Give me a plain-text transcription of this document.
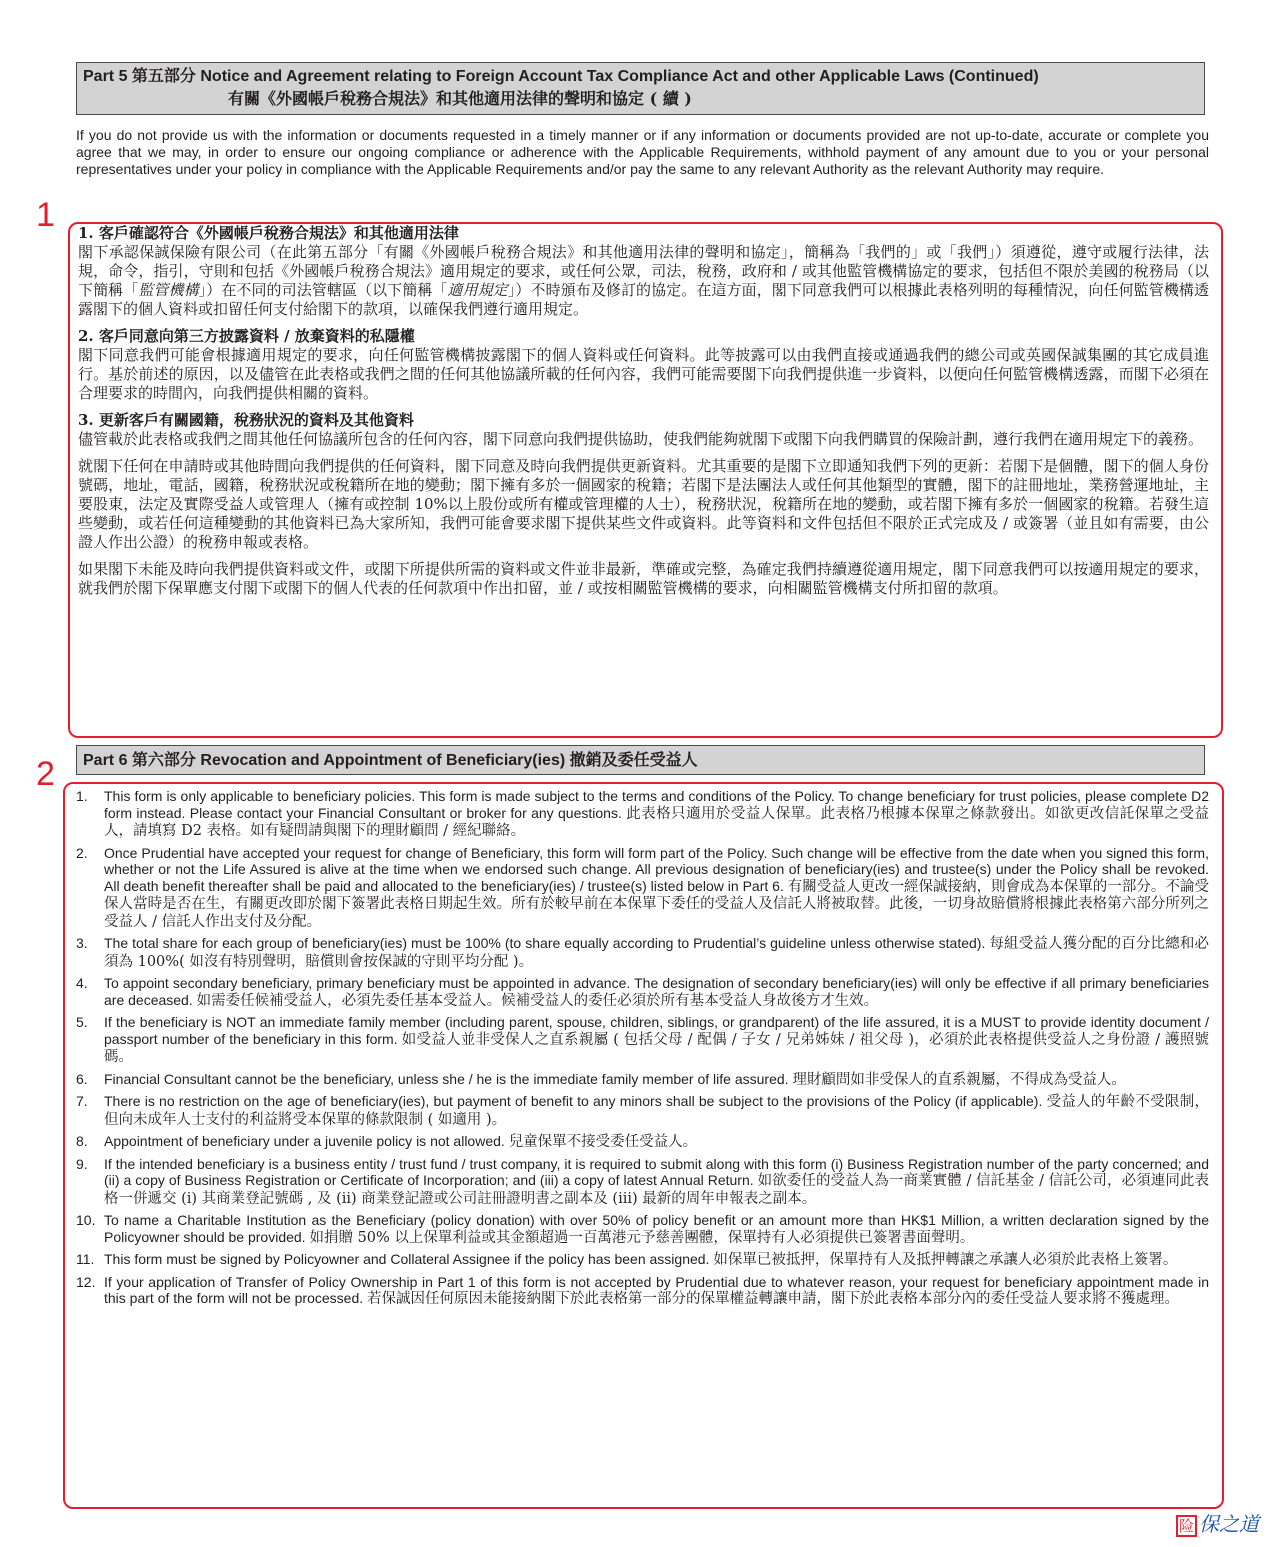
Part 5 第五部分 Notice and Agreement relating to Foreign Account Tax Compliance Act and other Applicable Laws (Continued)
有關《外國帳戶稅務合規法》和其他適用法律的聲明和協定 ( 續 )
If you do not provide us with the information or documents requested in a timely manner or if any information or documents provided are not up-to-date, accurate or complete you agree that we may, in order to ensure our ongoing compliance or adherence with the Applicable Requirements, withhold payment of any amount due to you or your personal representatives under your policy in compliance with the Applicable Requirements and/or pay the same to any relevant Authority as the relevant Authority may require.
1 1. 客戶確認符合《外國帳戶稅務合規法》和其他適用法律
閣下承認保誠保險有限公司（在此第五部分「有關《外國帳戶稅務合規法》和其他適用法律的聲明和協定」，簡稱為「我們的」或「我們」）須遵從，遵守或履行法律，法規，命令，指引，守則和包括《外國帳戶稅務合規法》適用規定的要求，或任何公眾，司法，稅務，政府和 / 或其他監管機構協定的要求，包括但不限於美國的稅務局（以下簡稱「監管機構」）在不同的司法管轄區（以下簡稱「適用規定」）不時頒布及修訂的協定。在這方面，閣下同意我們可以根據此表格列明的每種情況，向任何監管機構透露閣下的個人資料或扣留任何支付給閣下的款項，以確保我們遵行適用規定。
2. 客戶同意向第三方披露資料 / 放棄資料的私隱權
閣下同意我們可能會根據適用規定的要求，向任何監管機構披露閣下的個人資料或任何資料。此等披露可以由我們直接或通過我們的總公司或英國保誠集團的其它成員進行。基於前述的原因，以及儘管在此表格或我們之間的任何其他協議所載的任何內容，我們可能需要閣下向我們提供進一步資料，以便向任何監管機構透露，而閣下必須在合理要求的時間內，向我們提供相關的資料。
3. 更新客戶有關國籍，稅務狀況的資料及其他資料
儘管載於此表格或我們之間其他任何協議所包含的任何內容，閣下同意向我們提供協助，使我們能夠就閣下或閣下向我們購買的保險計劃，遵行我們在適用規定下的義務。

就閣下任何在申請時或其他時間向我們提供的任何資料，閣下同意及時向我們提供更新資料。尤其重要的是閣下立即通知我們下列的更新：若閣下是個體，閣下的個人身份號碼，地址，電話，國籍，稅務狀況或稅籍所在地的變動；閣下擁有多於一個國家的稅籍；若閣下是法團法人或任何其他類型的實體，閣下的註冊地址，業務營運地址，主要股東，法定及實際受益人或管理人（擁有或控制 10%以上股份或所有權或管理權的人士），稅務狀況，稅籍所在地的變動，或若閣下擁有多於一個國家的稅籍。若發生這些變動，或若任何這種變動的其他資料已為大家所知，我們可能會要求閣下提供某些文件或資料。此等資料和文件包括但不限於正式完成及 / 或簽署（並且如有需要，由公證人作出公證）的稅務申報或表格。

如果閣下未能及時向我們提供資料或文件，或閣下所提供所需的資料或文件並非最新，準確或完整，為確定我們持續遵從適用規定，閣下同意我們可以按適用規定的要求，就我們於閣下保單應支付閣下或閣下的個人代表的任何款項中作出扣留，並 / 或按相關監管機構的要求，向相關監管機構支付所扣留的款項。

Part 6 第六部分 Revocation and Appointment of Beneficiary(ies) 撤銷及委任受益人
2
1.	This form is only applicable to beneficiary policies. This form is made subject to the terms and conditions of the Policy. To change beneficiary for trust policies, please complete D2 form instead. Please contact your Financial Consultant or broker for any questions. 此表格只適用於受益人保單。此表格乃根據本保單之條款發出。如欲更改信託保單之受益人，請填寫 D2 表格。如有疑問請與閣下的理財顧問 / 經紀聯絡。
2.	Once Prudential have accepted your request for change of Beneficiary, this form will form part of the Policy. Such change will be effective from the date when you signed this form, whether or not the Life Assured is alive at the time when we endorsed such change. All previous designation of beneficiary(ies) and trustee(s) under the Policy shall be revoked. All death benefit thereafter shall be paid and allocated to the beneficiary(ies) / trustee(s) listed below in Part 6. 有關受益人更改一經保誠接納，則會成為本保單的一部分。不論受保人當時是否在生，有關更改即於閣下簽署此表格日期起生效。所有於較早前在本保單下委任的受益人及信託人將被取替。此後，一切身故賠償將根據此表格第六部分所列之受益人 / 信託人作出支付及分配。
3.	The total share for each group of beneficiary(ies) must be 100% (to share equally according to Prudential’s guideline unless otherwise stated). 每組受益人獲分配的百分比總和必須為 100%( 如沒有特別聲明，賠償則會按保誠的守則平均分配 )。
4.	To appoint secondary beneficiary, primary beneficiary must be appointed in advance. The designation of secondary beneficiary(ies) will only be effective if all primary beneficiaries are deceased. 如需委任候補受益人，必須先委任基本受益人。候補受益人的委任必須於所有基本受益人身故後方才生效。
5.	If the beneficiary is NOT an immediate family member (including parent, spouse, children, siblings, or grandparent) of the life assured, it is a MUST to provide identity document / passport number of the beneficiary in this form. 如受益人並非受保人之直系親屬 ( 包括父母 / 配偶 / 子女 / 兄弟姊妹 / 祖父母 )，必須於此表格提供受益人之身份證 / 護照號碼。
6.	Financial Consultant cannot be the beneficiary, unless she / he is the immediate family member of life assured. 理財顧問如非受保人的直系親屬，不得成為受益人。
7.	There is no restriction on the age of beneficiary(ies), but payment of benefit to any minors shall be subject to the provisions of the Policy (if applicable). 受益人的年齡不受限制，但向未成年人士支付的利益將受本保單的條款限制 ( 如適用 )。
8.	Appointment of beneficiary under a juvenile policy is not allowed. 兒童保單不接受委任受益人。
9.	If the intended beneficiary is a business entity / trust fund / trust company, it is required to submit along with this form (i) Business Registration number of the party concerned; and (ii) a copy of Business Registration or Certificate of Incorporation; and (iii) a copy of latest Annual Return. 如欲委任的受益人為一商業實體 / 信託基金 / 信託公司，必須連同此表格一併遞交 (i) 其商業登記號碼 , 及 (ii) 商業登記證或公司註冊證明書之副本及 (iii) 最新的周年申報表之副本。
10. To name a Charitable Institution as the Beneficiary (policy donation) with over 50% of policy benefit or an amount more than HK$1 Million, a written declaration signed by the Policyowner should be provided. 如捐贈 50% 以上保單利益或其金額超過一百萬港元予慈善團體，保單持有人必須提供已簽署書面聲明。
11. This form must be signed by Policyowner and Collateral Assignee if the policy has been assigned. 如保單已被抵押，保單持有人及抵押轉讓之承讓人必須於此表格上簽署。
12. If your application of Transfer of Policy Ownership in Part 1 of this form is not accepted by Prudential due to whatever reason, your request for beneficiary appointment made in this part of the form will not be processed. 若保誠因任何原因未能接納閣下於此表格第一部分的保單權益轉讓申請，閣下於此表格本部分內的委任受益人要求將不獲處理。
险 保之道
